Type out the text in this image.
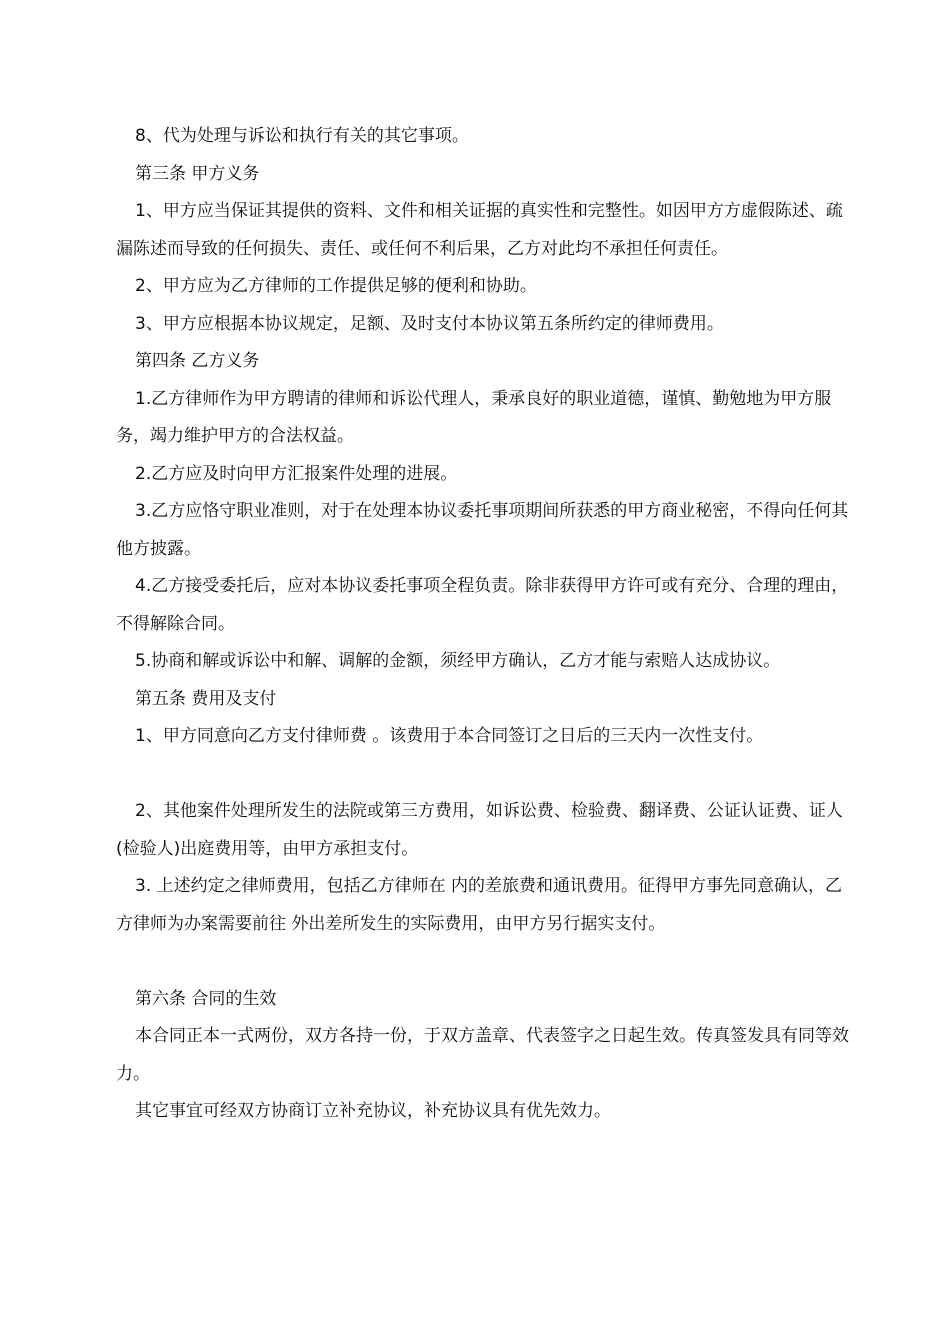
8、代为处理与诉讼和执行有关的其它事项。

第三条 甲方义务

1、甲方应当保证其提供的资料、文件和相关证据的真实性和完整性。如因甲方方虚假陈述、疏漏陈述而导致的任何损失、责任、或任何不利后果，乙方对此均不承担任何责任。

2、甲方应为乙方律师的工作提供足够的便利和协助。

3、甲方应根据本协议规定，足额、及时支付本协议第五条所约定的律师费用。

第四条 乙方义务

1.乙方律师作为甲方聘请的律师和诉讼代理人，秉承良好的职业道德，谨慎、勤勉地为甲方服务，竭力维护甲方的合法权益。

2.乙方应及时向甲方汇报案件处理的进展。

3.乙方应恪守职业准则，对于在处理本协议委托事项期间所获悉的甲方商业秘密，不得向任何其他方披露。

4.乙方接受委托后，应对本协议委托事项全程负责。除非获得甲方许可或有充分、合理的理由，不得解除合同。

5.协商和解或诉讼中和解、调解的金额，须经甲方确认，乙方才能与索赔人达成协议。

第五条 费用及支付

1、甲方同意向乙方支付律师费 。该费用于本合同签订之日后的三天内一次性支付。

2、其他案件处理所发生的法院或第三方费用，如诉讼费、检验费、翻译费、公证认证费、证人(检验人)出庭费用等，由甲方承担支付。

3. 上述约定之律师费用，包括乙方律师在 内的差旅费和通讯费用。征得甲方事先同意确认，乙方律师为办案需要前往 外出差所发生的实际费用，由甲方另行据实支付。

第六条 合同的生效

本合同正本一式两份，双方各持一份，于双方盖章、代表签字之日起生效。传真签发具有同等效力。

其它事宜可经双方协商订立补充协议，补充协议具有优先效力。
